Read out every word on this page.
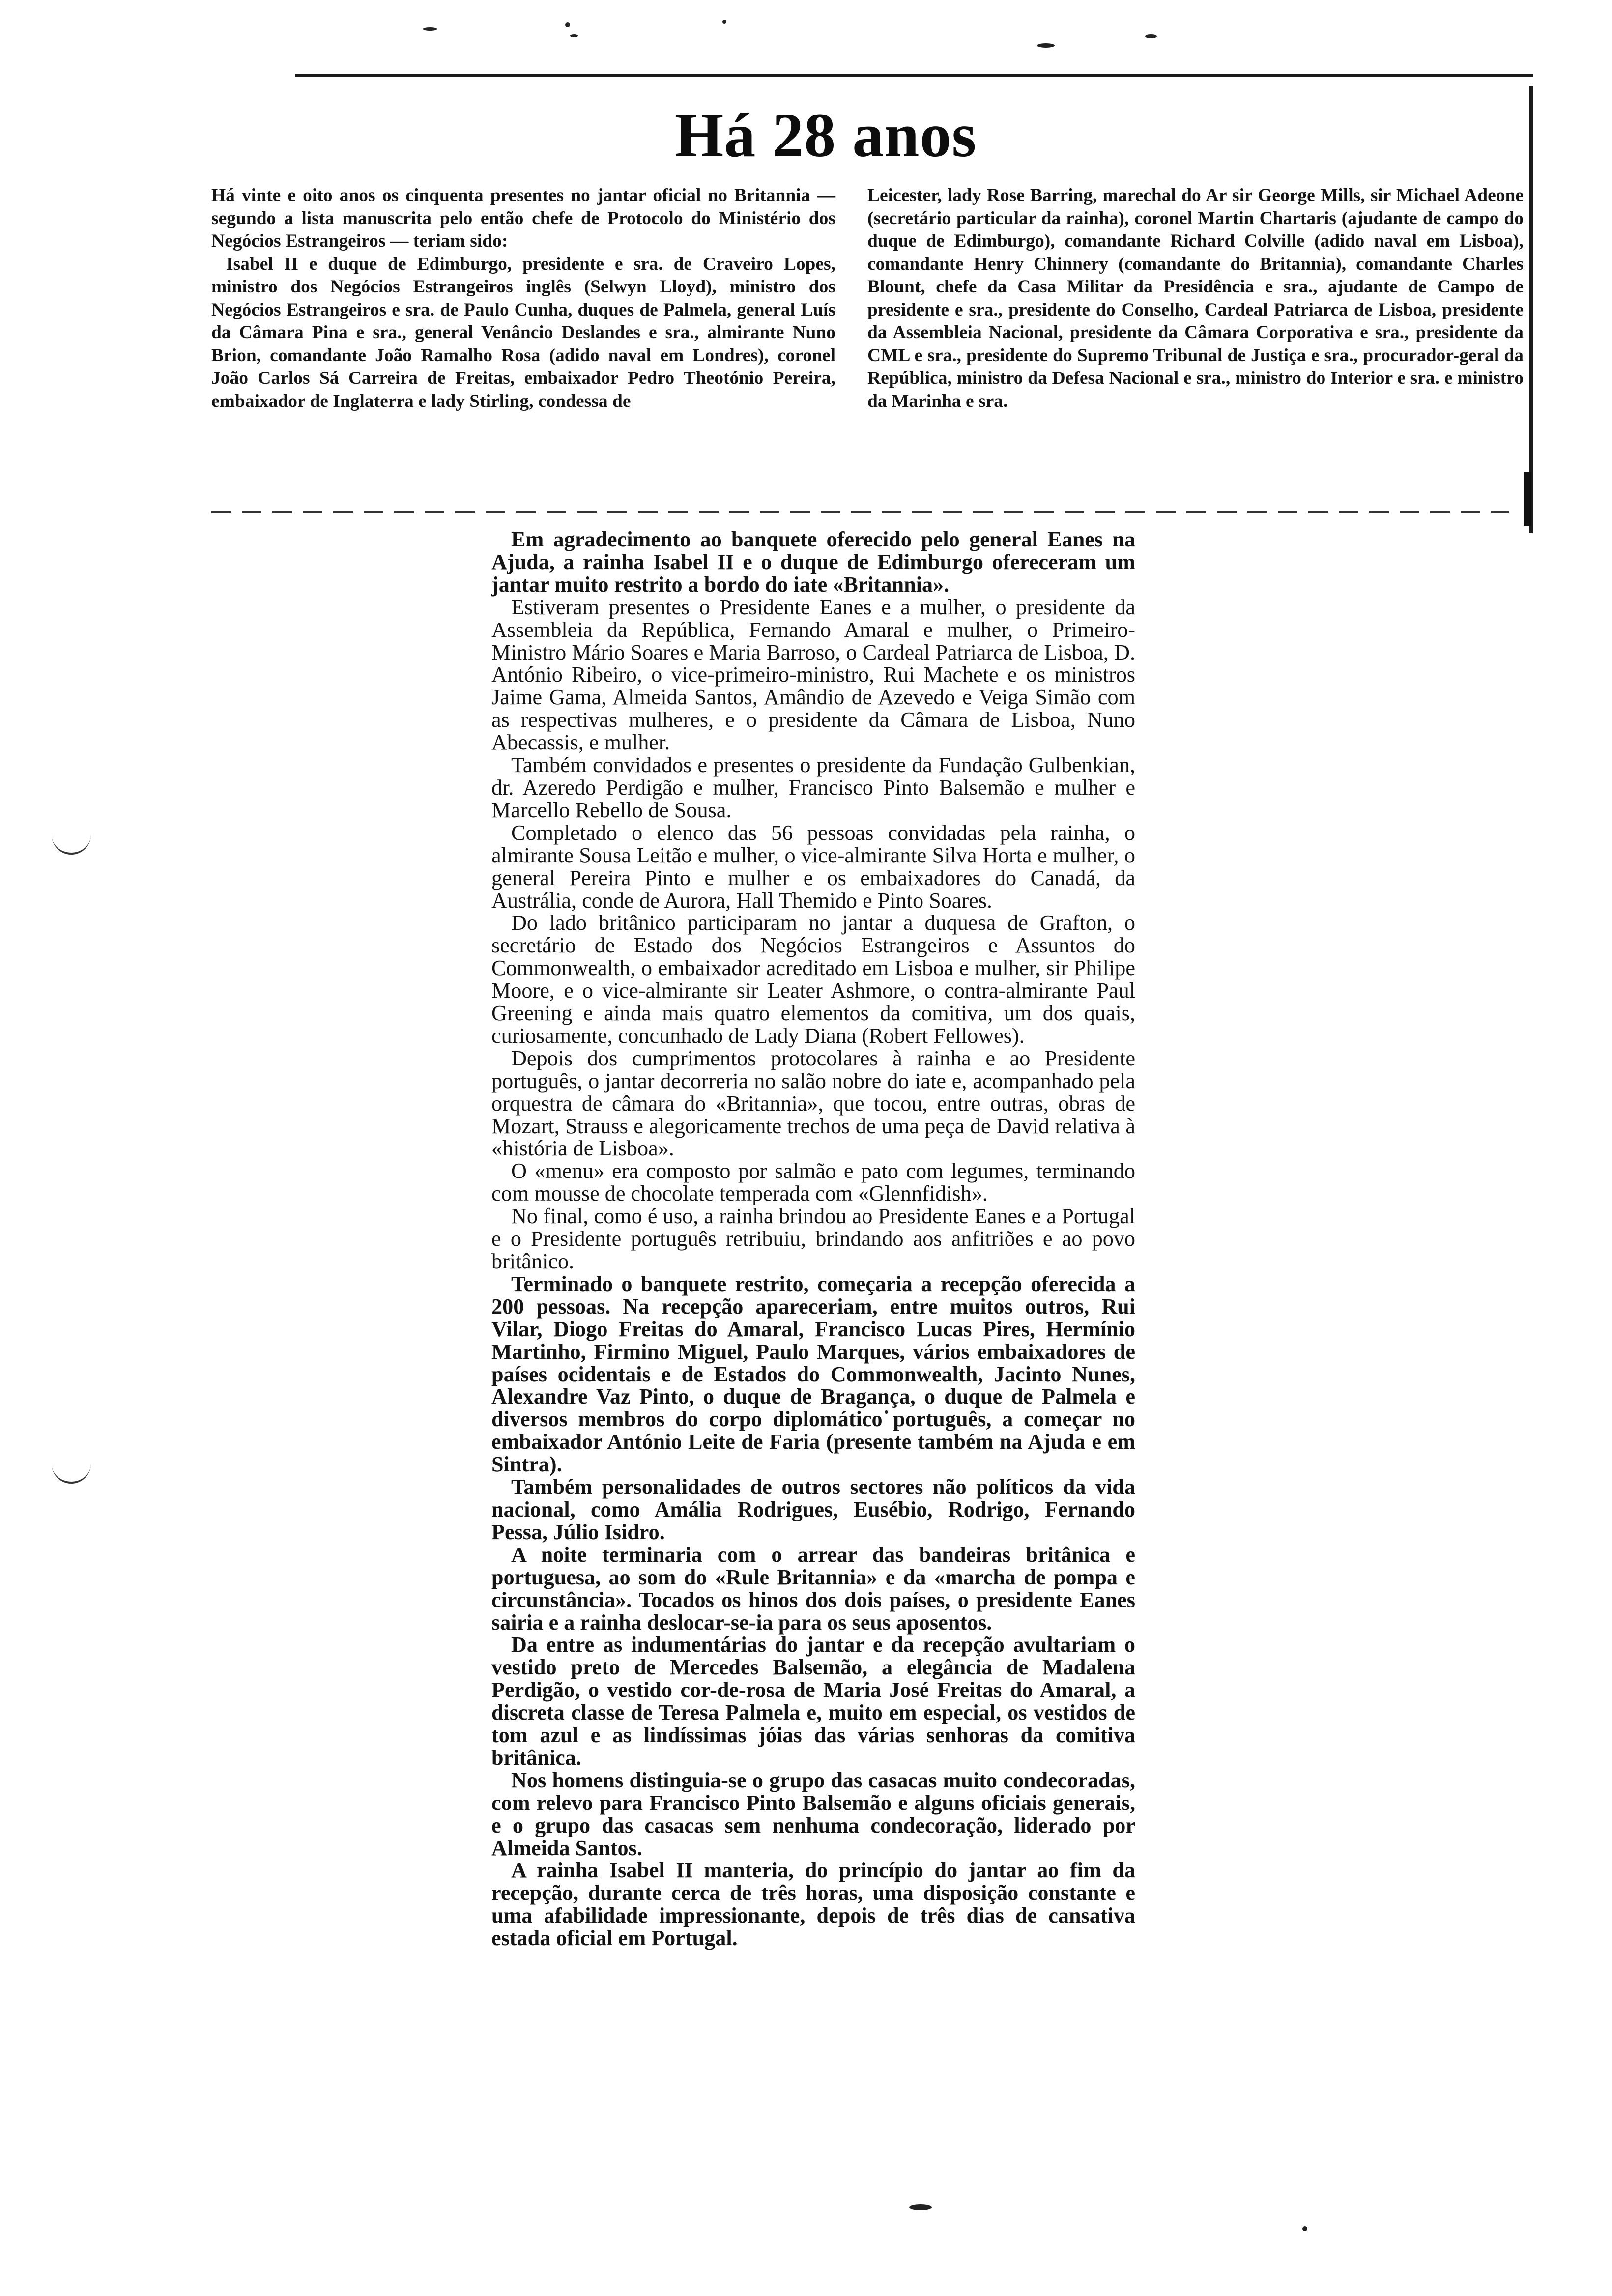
Há 28 anos

Há vinte e oito anos os cinquenta presentes no jantar oficial no Britannia — segundo a lista manuscrita pelo então chefe de Protocolo do Ministério dos Negócios Estrangeiros — teriam sido:

Isabel II e duque de Edimburgo, presidente e sra. de Craveiro Lopes, ministro dos Negócios Estrangeiros inglês (Selwyn Lloyd), ministro dos Negócios Estrangeiros e sra. de Paulo Cunha, duques de Palmela, general Luís da Câmara Pina e sra., general Venâncio Deslandes e sra., almirante Nuno Brion, comandante João Ramalho Rosa (adido naval em Londres), coronel João Carlos Sá Carreira de Freitas, embaixador Pedro Theotónio Pereira, embaixador de Inglaterra e lady Stirling, condessa de

Leicester, lady Rose Barring, marechal do Ar sir George Mills, sir Michael Adeone (secretário particular da rainha), coronel Martin Chartaris (ajudante de campo do duque de Edimburgo), comandante Richard Colville (adido naval em Lisboa), comandante Henry Chinnery (comandante do Britannia), comandante Charles Blount, chefe da Casa Militar da Presidência e sra., ajudante de Campo de presidente e sra., presidente do Conselho, Cardeal Patriarca de Lisboa, presidente da Assembleia Nacional, presidente da Câmara Corporativa e sra., presidente da CML e sra., presidente do Supremo Tribunal de Justiça e sra., procurador-geral da República, ministro da Defesa Nacional e sra., ministro do Interior e sra. e ministro da Marinha e sra.

Em agradecimento ao banquete oferecido pelo general Eanes na Ajuda, a rainha Isabel II e o duque de Edimburgo ofereceram um jantar muito restrito a bordo do iate «Britannia».

Estiveram presentes o Presidente Eanes e a mulher, o presidente da Assembleia da República, Fernando Amaral e mulher, o Primeiro-Ministro Mário Soares e Maria Barroso, o Cardeal Patriarca de Lisboa, D. António Ribeiro, o vice-primeiro-ministro, Rui Machete e os ministros Jaime Gama, Almeida Santos, Amândio de Azevedo e Veiga Simão com as respectivas mulheres, e o presidente da Câmara de Lisboa, Nuno Abecassis, e mulher.

Também convidados e presentes o presidente da Fundação Gulbenkian, dr. Azeredo Perdigão e mulher, Francisco Pinto Balsemão e mulher e Marcello Rebello de Sousa.

Completado o elenco das 56 pessoas convidadas pela rainha, o almirante Sousa Leitão e mulher, o vice-almirante Silva Horta e mulher, o general Pereira Pinto e mulher e os embaixadores do Canadá, da Austrália, conde de Aurora, Hall Themido e Pinto Soares.

Do lado britânico participaram no jantar a duquesa de Grafton, o secretário de Estado dos Negócios Estrangeiros e Assuntos do Commonwealth, o embaixador acreditado em Lisboa e mulher, sir Philipe Moore, e o vice-almirante sir Leater Ashmore, o contra-almirante Paul Greening e ainda mais quatro elementos da comitiva, um dos quais, curiosamente, concunhado de Lady Diana (Robert Fellowes).

Depois dos cumprimentos protocolares à rainha e ao Presidente português, o jantar decorreria no salão nobre do iate e, acompanhado pela orquestra de câmara do «Britannia», que tocou, entre outras, obras de Mozart, Strauss e alegoricamente trechos de uma peça de David relativa à «história de Lisboa».

O «menu» era composto por salmão e pato com legumes, terminando com mousse de chocolate temperada com «Glennfidish».

No final, como é uso, a rainha brindou ao Presidente Eanes e a Portugal e o Presidente português retribuiu, brindando aos anfitriões e ao povo britânico.

Terminado o banquete restrito, começaria a recepção oferecida a 200 pessoas. Na recepção apareceriam, entre muitos outros, Rui Vilar, Diogo Freitas do Amaral, Francisco Lucas Pires, Hermínio Martinho, Firmino Miguel, Paulo Marques, vários embaixadores de países ocidentais e de Estados do Commonwealth, Jacinto Nunes, Alexandre Vaz Pinto, o duque de Bragança, o duque de Palmela e diversos membros do corpo diplomático português, a começar no embaixador António Leite de Faria (presente também na Ajuda e em Sintra).

Também personalidades de outros sectores não políticos da vida nacional, como Amália Rodrigues, Eusébio, Rodrigo, Fernando Pessa, Júlio Isidro.

A noite terminaria com o arrear das bandeiras britânica e portuguesa, ao som do «Rule Britannia» e da «marcha de pompa e circunstância». Tocados os hinos dos dois países, o presidente Eanes sairia e a rainha deslocar-se-ia para os seus aposentos.

Da entre as indumentárias do jantar e da recepção avultariam o vestido preto de Mercedes Balsemão, a elegância de Madalena Perdigão, o vestido cor-de-rosa de Maria José Freitas do Amaral, a discreta classe de Teresa Palmela e, muito em especial, os vestidos de tom azul e as lindíssimas jóias das várias senhoras da comitiva britânica.

Nos homens distinguia-se o grupo das casacas muito condecoradas, com relevo para Francisco Pinto Balsemão e alguns oficiais generais, e o grupo das casacas sem nenhuma condecoração, liderado por Almeida Santos.

A rainha Isabel II manteria, do princípio do jantar ao fim da recepção, durante cerca de três horas, uma disposição constante e uma afabilidade impressionante, depois de três dias de cansativa estada oficial em Portugal.
